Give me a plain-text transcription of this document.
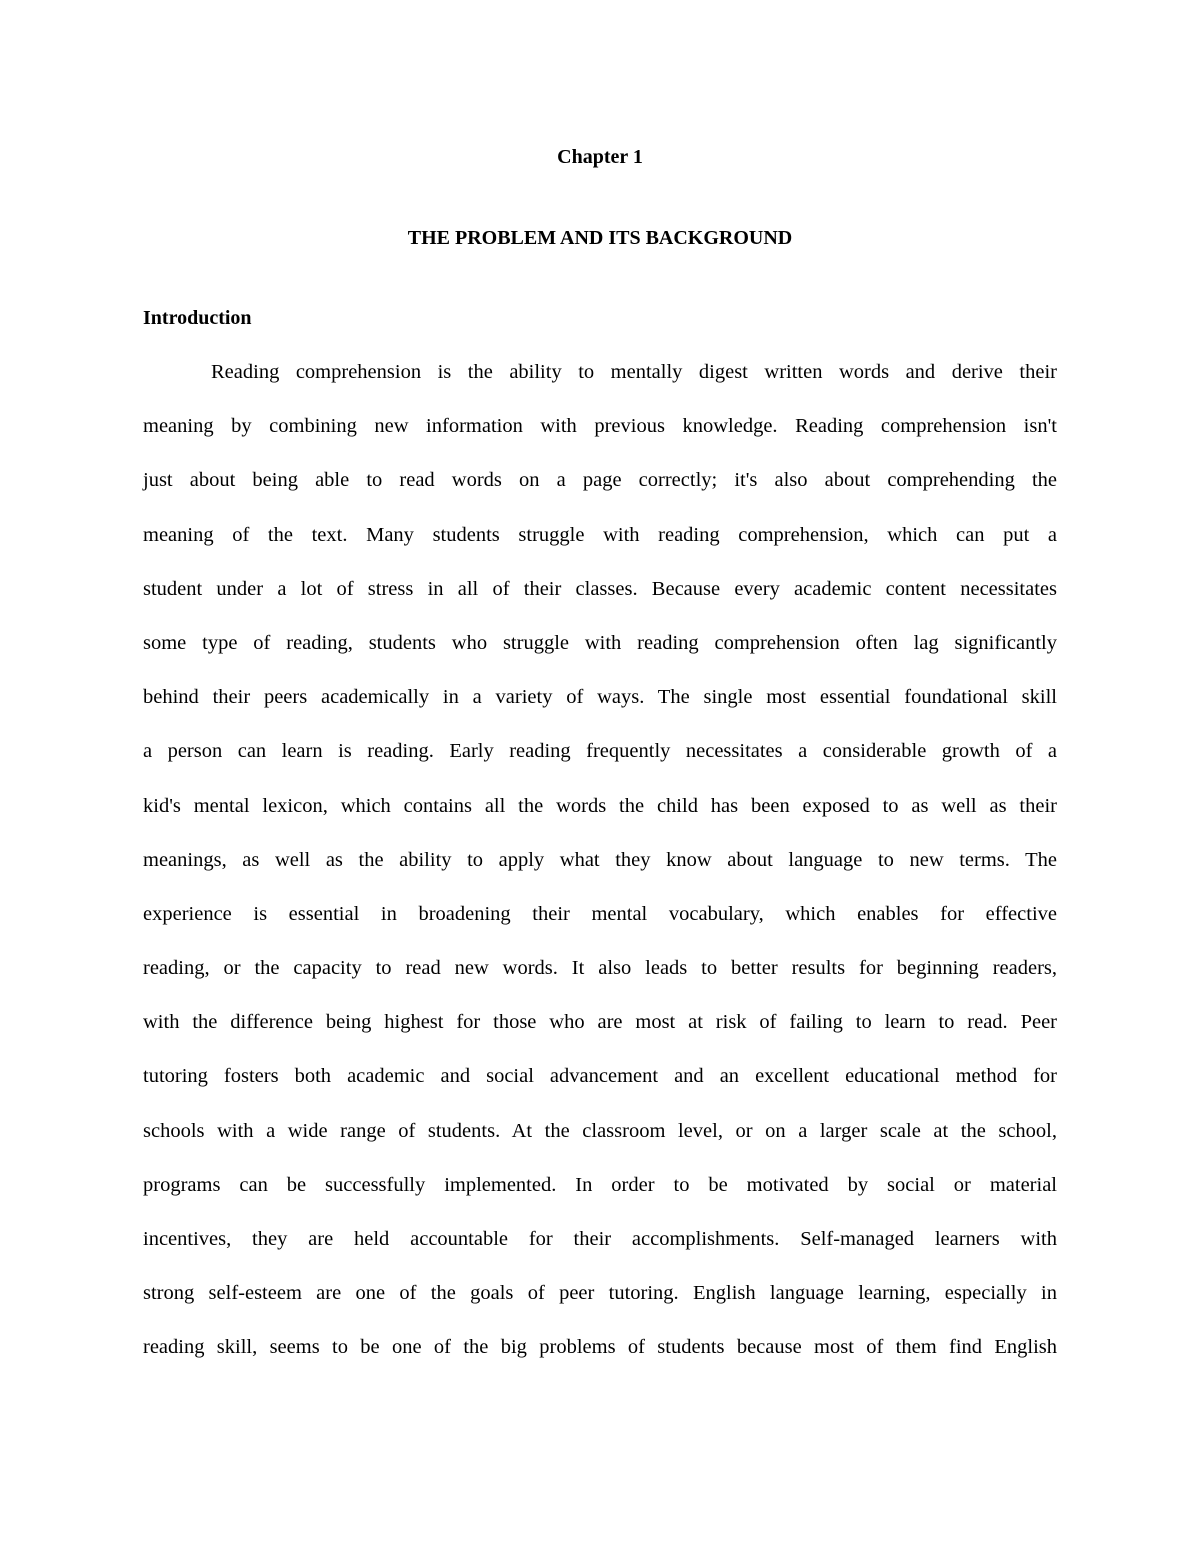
Chapter 1
THE PROBLEM AND ITS BACKGROUND
Introduction
Reading comprehension is the ability to mentally digest written words and derive their
meaning by combining new information with previous knowledge. Reading comprehension isn't
just about being able to read words on a page correctly; it's also about comprehending the
meaning of the text. Many students struggle with reading comprehension, which can put a
student under a lot of stress in all of their classes. Because every academic content necessitates
some type of reading, students who struggle with reading comprehension often lag significantly
behind their peers academically in a variety of ways. The single most essential foundational skill
a person can learn is reading. Early reading frequently necessitates a considerable growth of a
kid's mental lexicon, which contains all the words the child has been exposed to as well as their
meanings, as well as the ability to apply what they know about language to new terms. The
experience is essential in broadening their mental vocabulary, which enables for effective
reading, or the capacity to read new words. It also leads to better results for beginning readers,
with the difference being highest for those who are most at risk of failing to learn to read. Peer
tutoring fosters both academic and social advancement and an excellent educational method for
schools with a wide range of students. At the classroom level, or on a larger scale at the school,
programs can be successfully implemented. In order to be motivated by social or material
incentives, they are held accountable for their accomplishments. Self-managed learners with
strong self-esteem are one of the goals of peer tutoring. English language learning, especially in
reading skill, seems to be one of the big problems of students because most of them find English
